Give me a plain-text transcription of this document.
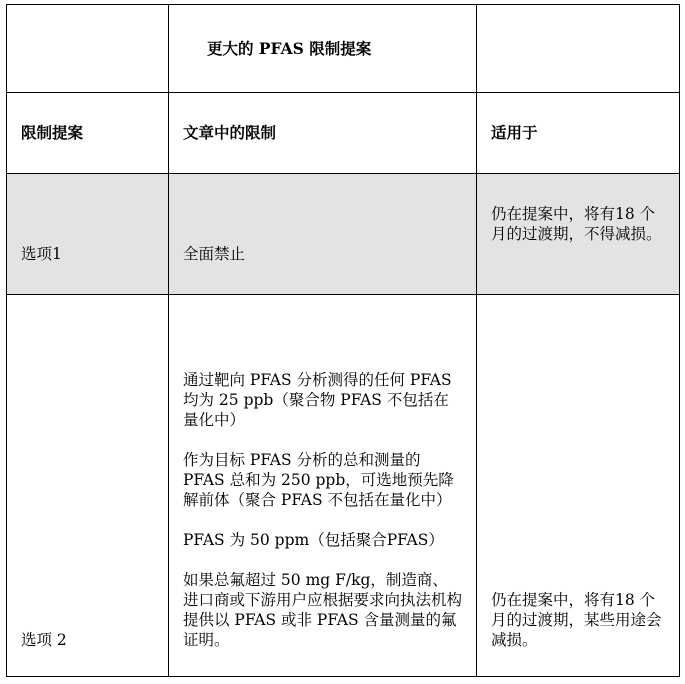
	更大的 PFAS 限制提案	
限制提案	文章中的限制	适用于
选项1	全面禁止	仍在提案中，将有18 个月的过渡期，不得减损。
选项 2	通过靶向 PFAS 分析测得的任何 PFAS 均为 25 ppb（聚合物 PFAS 不包括在量化中）

作为目标 PFAS 分析的总和测量的 PFAS 总和为 250 ppb，可选地预先降解前体（聚合 PFAS 不包括在量化中）

PFAS 为 50 ppm（包括聚合PFAS）

如果总氟超过 50 mg F/kg，制造商、进口商或下游用户应根据要求向执法机构提供以 PFAS 或非 PFAS 含量测量的氟证明。	仍在提案中，将有18 个月的过渡期，某些用途会减损。
